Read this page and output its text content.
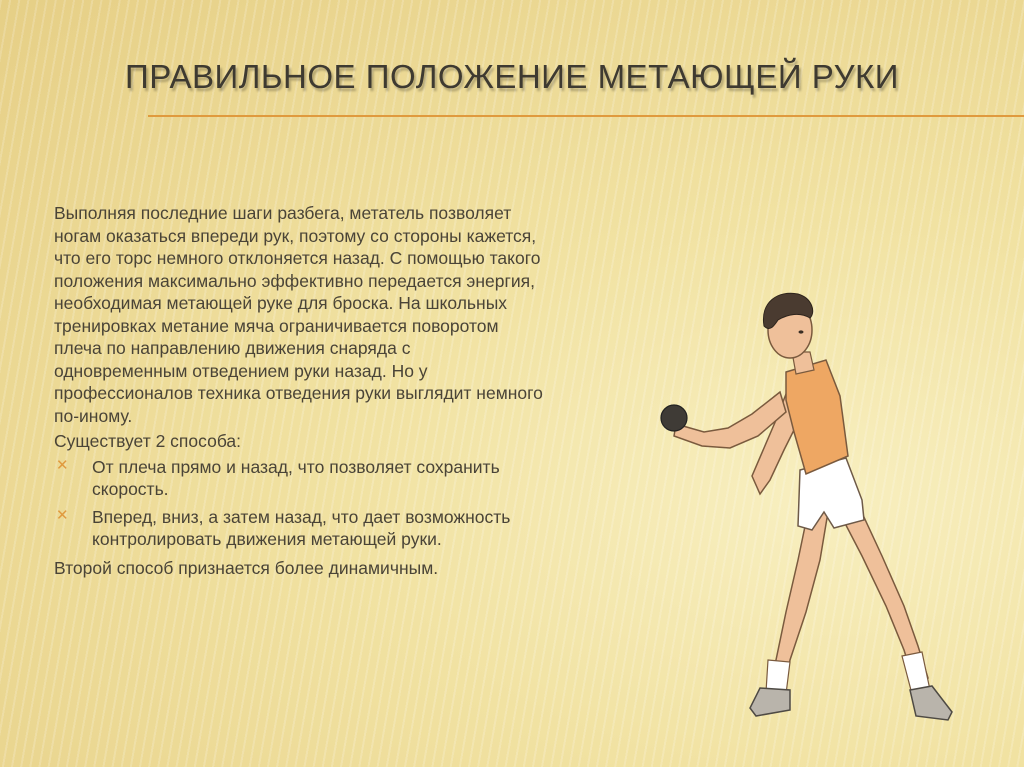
ПРАВИЛЬНОЕ ПОЛОЖЕНИЕ МЕТАЮЩЕЙ РУКИ

Выполняя последние шаги разбега, метатель позволяет ногам оказаться впереди рук, поэтому со стороны кажется, что его торс немного отклоняется назад. С помощью такого положения максимально эффективно передается энергия, необходимая метающей руке для броска. На школьных тренировках метание мяча ограничивается поворотом плеча по направлению движения снаряда с одновременным отведением руки назад. Но у профессионалов техника отведения руки выглядит немного по-иному.

Существует 2 способа:

✕ От плеча прямо и назад, что позволяет сохранить скорость.
✕ Вперед, вниз, а затем назад, что дает возможность контролировать движения метающей руки.

Второй способ признается более динамичным.
